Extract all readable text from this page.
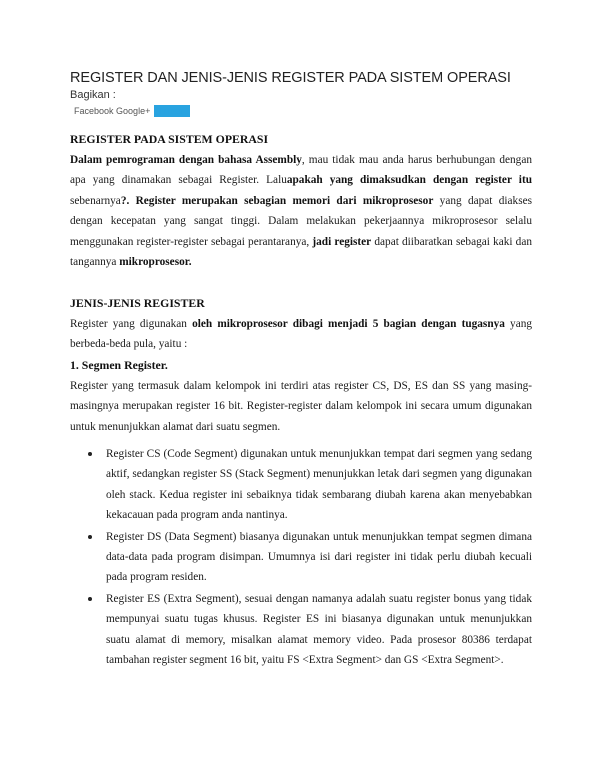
REGISTER DAN JENIS-JENIS REGISTER PADA SISTEM OPERASI
Bagikan :
Facebook Google+ Twitter
REGISTER PADA SISTEM OPERASI
Dalam pemrograman dengan bahasa Assembly, mau tidak mau anda harus berhubungan dengan apa yang dinamakan sebagai Register. Laluapakah yang dimaksudkan dengan register itu sebenarnya?. Register merupakan sebagian memori dari mikroprosesor yang dapat diakses dengan kecepatan yang sangat tinggi. Dalam melakukan pekerjaannya mikroprosesor selalu menggunakan register-register sebagai perantaranya, jadi register dapat diibaratkan sebagai kaki dan tangannya mikroprosesor.
JENIS-JENIS REGISTER
Register yang digunakan oleh mikroprosesor dibagi menjadi 5 bagian dengan tugasnya yang berbeda-beda pula, yaitu :
1. Segmen Register.
Register yang termasuk dalam kelompok ini terdiri atas register CS, DS, ES dan SS yang masing-masingnya merupakan register 16 bit. Register-register dalam kelompok ini secara umum digunakan untuk menunjukkan alamat dari suatu segmen.
Register CS (Code Segment) digunakan untuk menunjukkan tempat dari segmen yang sedang aktif, sedangkan register SS (Stack Segment) menunjukkan letak dari segmen yang digunakan oleh stack. Kedua register ini sebaiknya tidak sembarang diubah karena akan menyebabkan kekacauan pada program anda nantinya.
Register DS (Data Segment) biasanya digunakan untuk menunjukkan tempat segmen dimana data-data pada program disimpan. Umumnya isi dari register ini tidak perlu diubah kecuali pada program residen.
Register ES (Extra Segment), sesuai dengan namanya adalah suatu register bonus yang tidak mempunyai suatu tugas khusus. Register ES ini biasanya digunakan untuk menunjukkan suatu alamat di memory, misalkan alamat memory video. Pada prosesor 80386 terdapat tambahan register segment 16 bit, yaitu FS <Extra Segment> dan GS <Extra Segment>.
